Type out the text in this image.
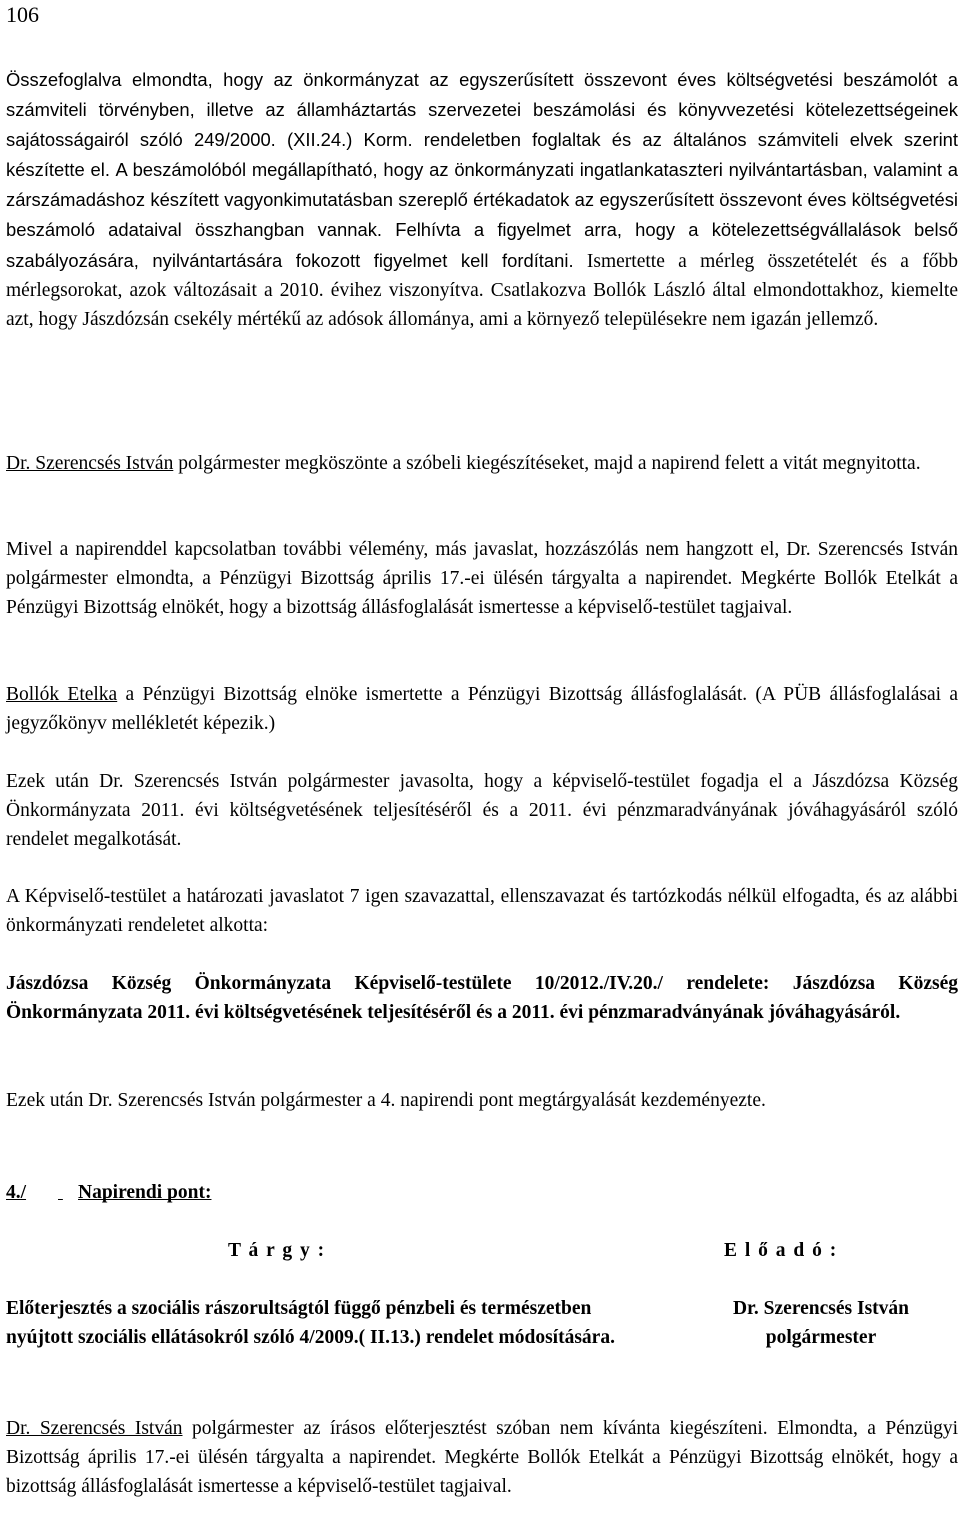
106

Összefoglalva elmondta, hogy az önkormányzat az egyszerűsített összevont éves költségvetési beszámolót a számviteli törvényben, illetve az államháztartás szervezetei beszámolási és könyvvezetési kötelezettségeinek sajátosságairól szóló 249/2000. (XII.24.) Korm. rendeletben foglaltak és az általános számviteli elvek szerint készítette el. A beszámolóból megállapítható, hogy az önkormányzati ingatlankataszteri nyilvántartásban, valamint a zárszámadáshoz készített vagyonkimutatásban szereplő értékadatok az egyszerűsített összevont éves költségvetési beszámoló adataival összhangban vannak. Felhívta a figyelmet arra, hogy a kötelezettségvállalások belső szabályozására, nyilvántartására fokozott figyelmet kell fordítani. Ismertette a mérleg összetételét és a főbb mérlegsorokat, azok változásait a 2010. évihez viszonyítva. Csatlakozva Bollók László által elmondottakhoz, kiemelte azt, hogy Jászdózsán csekély mértékű az adósok állománya, ami a környező településekre nem igazán jellemző.

Dr. Szerencsés István polgármester megköszönte a szóbeli kiegészítéseket, majd a napirend felett a vitát megnyitotta.

Mivel a napirenddel kapcsolatban további vélemény, más javaslat, hozzászólás nem hangzott el, Dr. Szerencsés István polgármester elmondta, a Pénzügyi Bizottság április 17.-ei ülésén tárgyalta a napirendet. Megkérte Bollók Etelkát a Pénzügyi Bizottság elnökét, hogy a bizottság állásfoglalását ismertesse a képviselő-testület tagjaival.

Bollók Etelka a Pénzügyi Bizottság elnöke ismertette a Pénzügyi Bizottság állásfoglalását. (A PÜB állásfoglalásai a jegyzőkönyv mellékletét képezik.)

Ezek után Dr. Szerencsés István polgármester javasolta, hogy a képviselő-testület fogadja el a Jászdózsa Község Önkormányzata 2011. évi költségvetésének teljesítéséről és a 2011. évi pénzmaradványának jóváhagyásáról szóló rendelet megalkotását.

A Képviselő-testület a határozati javaslatot 7 igen szavazattal, ellenszavazat és tartózkodás nélkül elfogadta, és az alábbi önkormányzati rendeletet alkotta:

Jászdózsa Község Önkormányzata Képviselő-testülete 10/2012./IV.20./ rendelete: Jászdózsa Község Önkormányzata 2011. évi költségvetésének teljesítéséről és a 2011. évi pénzmaradványának jóváhagyásáról.

Ezek után Dr. Szerencsés István polgármester a 4. napirendi pont megtárgyalását kezdeményezte.

4./	Napirendi pont:
T á r g y :	E l ő a d ó :
Előterjesztés a szociális rászorultságtól függő pénzbeli és természetben nyújtott szociális ellátásokról szóló 4/2009.( II.13.) rendelet módosítására.
Dr. Szerencsés István
polgármester

Dr. Szerencsés István polgármester az írásos előterjesztést szóban nem kívánta kiegészíteni. Elmondta, a Pénzügyi Bizottság április 17.-ei ülésén tárgyalta a napirendet. Megkérte Bollók Etelkát a Pénzügyi Bizottság elnökét, hogy a bizottság állásfoglalását ismertesse a képviselő-testület tagjaival.
